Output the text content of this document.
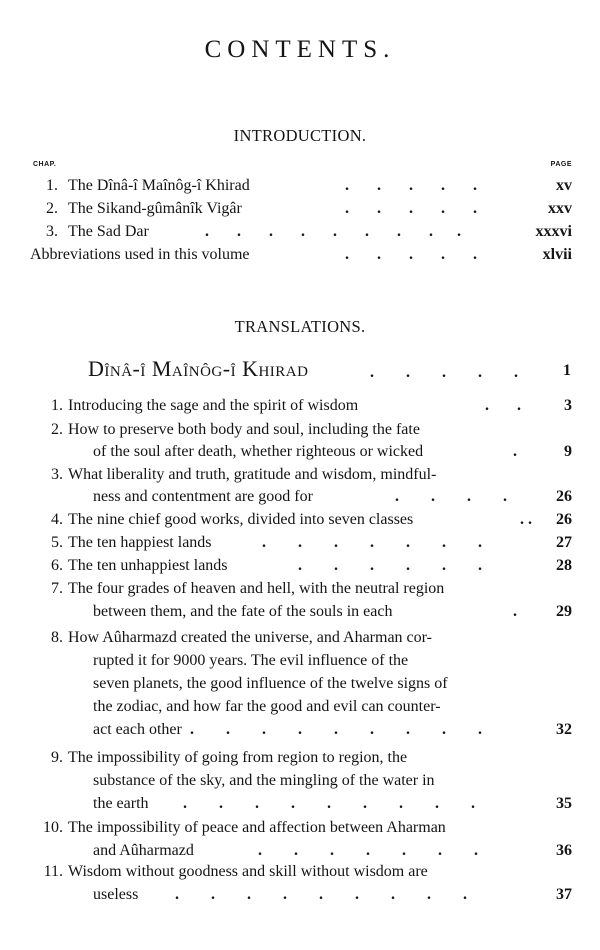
CONTENTS.
INTRODUCTION.
CHAP.	PAGE
1. The Dînâ-î Maînôg-î Khirad	.       .       .       .       .	xv
2. The Sikand-gûmânîk Vigâr	.       .       .       .       .	xxv
3. The Sad Dar	.       .       .       .       .       .       .       .      .	xxxvi
Abbreviations used in this volume	.       .       .       .       .	xlvii
TRANSLATIONS.
Dînâ-î Maînôg-î Khirad	.        .        .        .        .	1
1. Introducing the sage and the spirit of wisdom	.       .	3
2. How to preserve both body and soul, including the fate
of the soul after death, whether righteous or wicked	.	9
3. What liberality and truth, gratitude and wisdom, mindful-
ness and contentment are good for	.        .        .        .	26
4. The nine chief good works, divided into seven classes	. . 26
5. The ten happiest lands	.        .        .        .        .        .        .	27
6. The ten unhappiest lands	.        .        .        .        .        .	28
7. The four grades of heaven and hell, with the neutral region
between them, and the fate of the souls in each	. 29
8. How Aûharmazd created the universe, and Aharman cor-
rupted it for 9000 years. The evil influence of the
seven planets, the good influence of the twelve signs of
the zodiac, and how far the good and evil can counter-
act each other .        .        .        .        .        .        .        .        .	32
9. The impossibility of going from region to region, the
substance of the sky, and the mingling of the water in
the earth .        .        .        .        .        .        .        .        .	35
10. The impossibility of peace and affection between Aharman
and Aûharmazd	.        .        .        .        .        .        .	36
11. Wisdom without goodness and skill without wisdom are
useless .        .        .        .        .        .        .        .        .	37
